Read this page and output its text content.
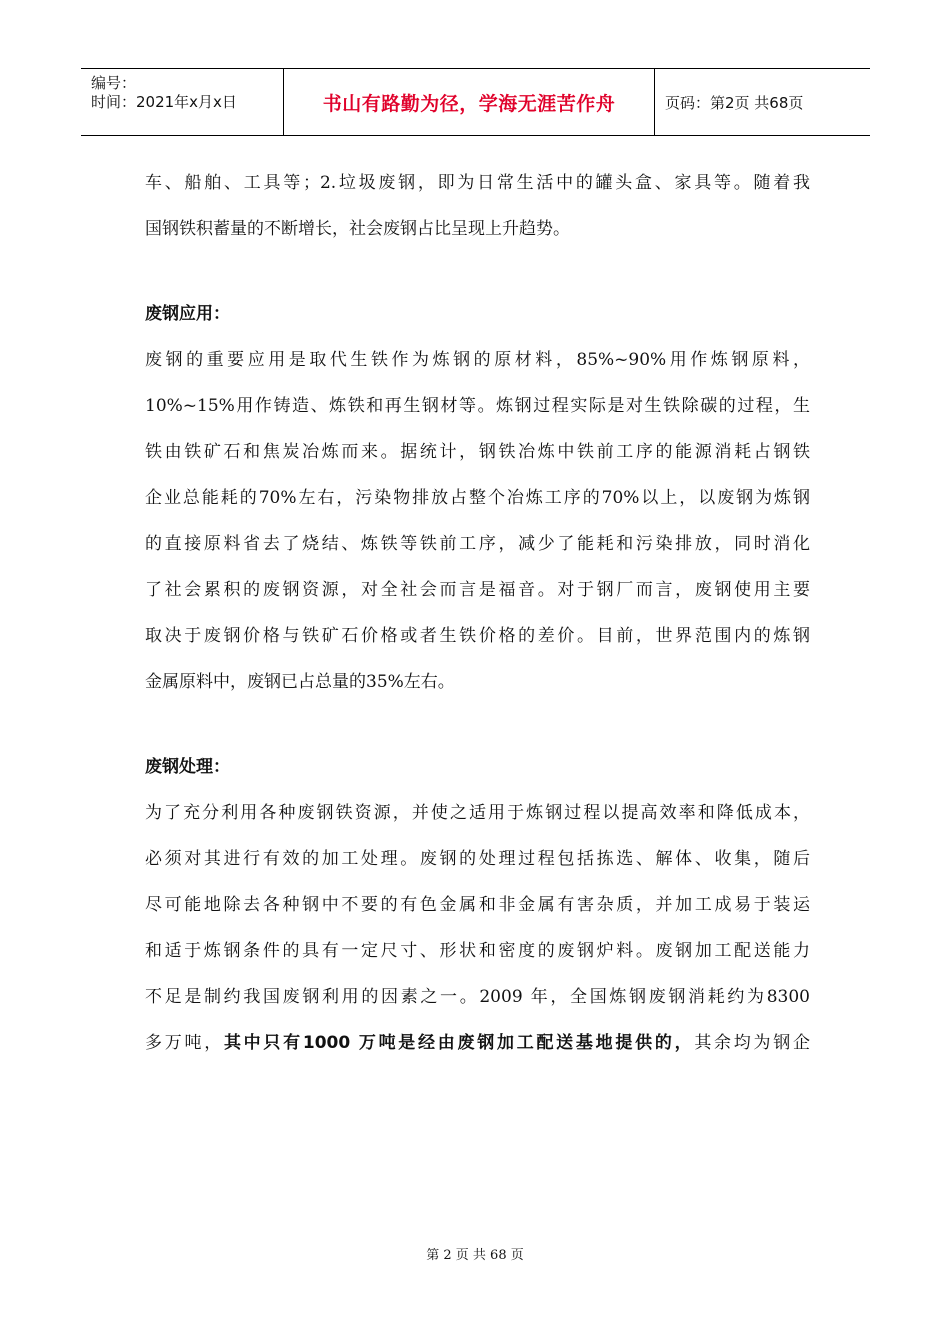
编号：
时间：2021年x月x日	书山有路勤为径，学海无涯苦作舟	页码：第2页 共68页
车、船舶、工具等；2.垃圾废钢，即为日常生活中的罐头盒、家具等。随着我
国钢铁积蓄量的不断增长，社会废钢占比呈现上升趋势。
废钢应用：
废钢的重要应用是取代生铁作为炼钢的原材料，85%~90%用作炼钢原料，
10%~15%用作铸造、炼铁和再生钢材等。炼钢过程实际是对生铁除碳的过程，生
铁由铁矿石和焦炭冶炼而来。据统计，钢铁冶炼中铁前工序的能源消耗占钢铁
企业总能耗的70%左右，污染物排放占整个冶炼工序的70%以上，以废钢为炼钢
的直接原料省去了烧结、炼铁等铁前工序，减少了能耗和污染排放，同时消化
了社会累积的废钢资源，对全社会而言是福音。对于钢厂而言，废钢使用主要
取决于废钢价格与铁矿石价格或者生铁价格的差价。目前，世界范围内的炼钢
金属原料中，废钢已占总量的35%左右。
废钢处理：
为了充分利用各种废钢铁资源，并使之适用于炼钢过程以提高效率和降低成本，
必须对其进行有效的加工处理。废钢的处理过程包括拣选、解体、收集，随后
尽可能地除去各种钢中不要的有色金属和非金属有害杂质，并加工成易于装运
和适于炼钢条件的具有一定尺寸、形状和密度的废钢炉料。废钢加工配送能力
不足是制约我国废钢利用的因素之一。2009 年，全国炼钢废钢消耗约为8300
多万吨，其中只有1000 万吨是经由废钢加工配送基地提供的，其余均为钢企
第 2 页 共 68 页
